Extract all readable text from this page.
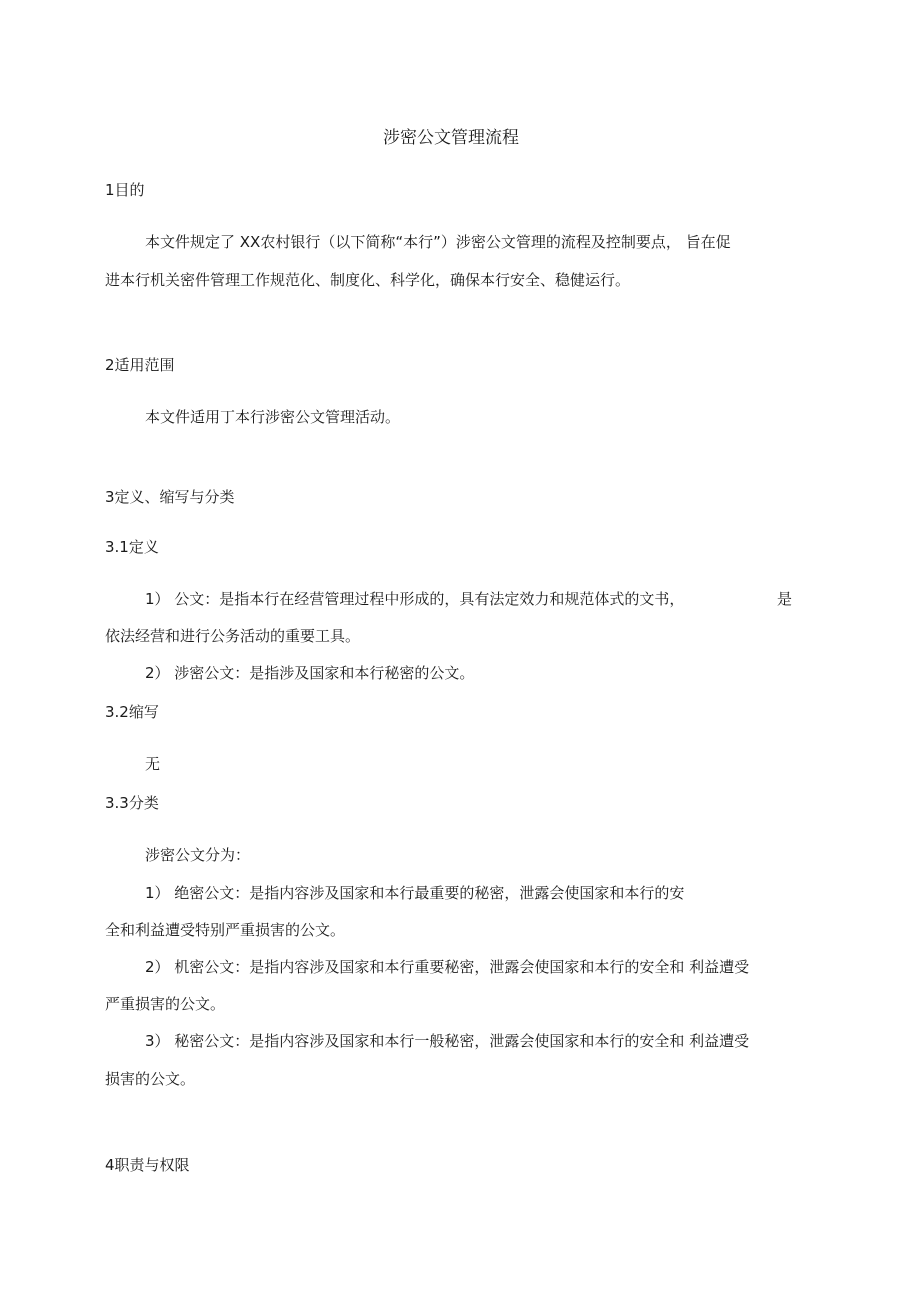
涉密公文管理流程
1目的
本文件规定了 XX农村银行（以下简称“本行”）涉密公文管理的流程及控制要点， 旨在促
进本行机关密件管理工作规范化、制度化、科学化，确保本行安全、稳健运行。
2适用范围
本文件适用丁本行涉密公文管理活动。
3定义、缩写与分类
3.1定义
1） 公文：是指本行在经营管理过程中形成的，具有法定效力和规范体式的文书，	是
依法经营和进行公务活动的重要工具。
2） 涉密公文：是指涉及国家和本行秘密的公文。
3.2缩写
无
3.3分类
涉密公文分为：
1） 绝密公文：是指内容涉及国家和本行最重要的秘密，泄露会使国家和本行的安
全和利益遭受特别严重损害的公文。
2） 机密公文：是指内容涉及国家和本行重要秘密，泄露会使国家和本行的安全和 利益遭受
严重损害的公文。
3） 秘密公文：是指内容涉及国家和本行一般秘密，泄露会使国家和本行的安全和 利益遭受
损害的公文。
4职责与权限
